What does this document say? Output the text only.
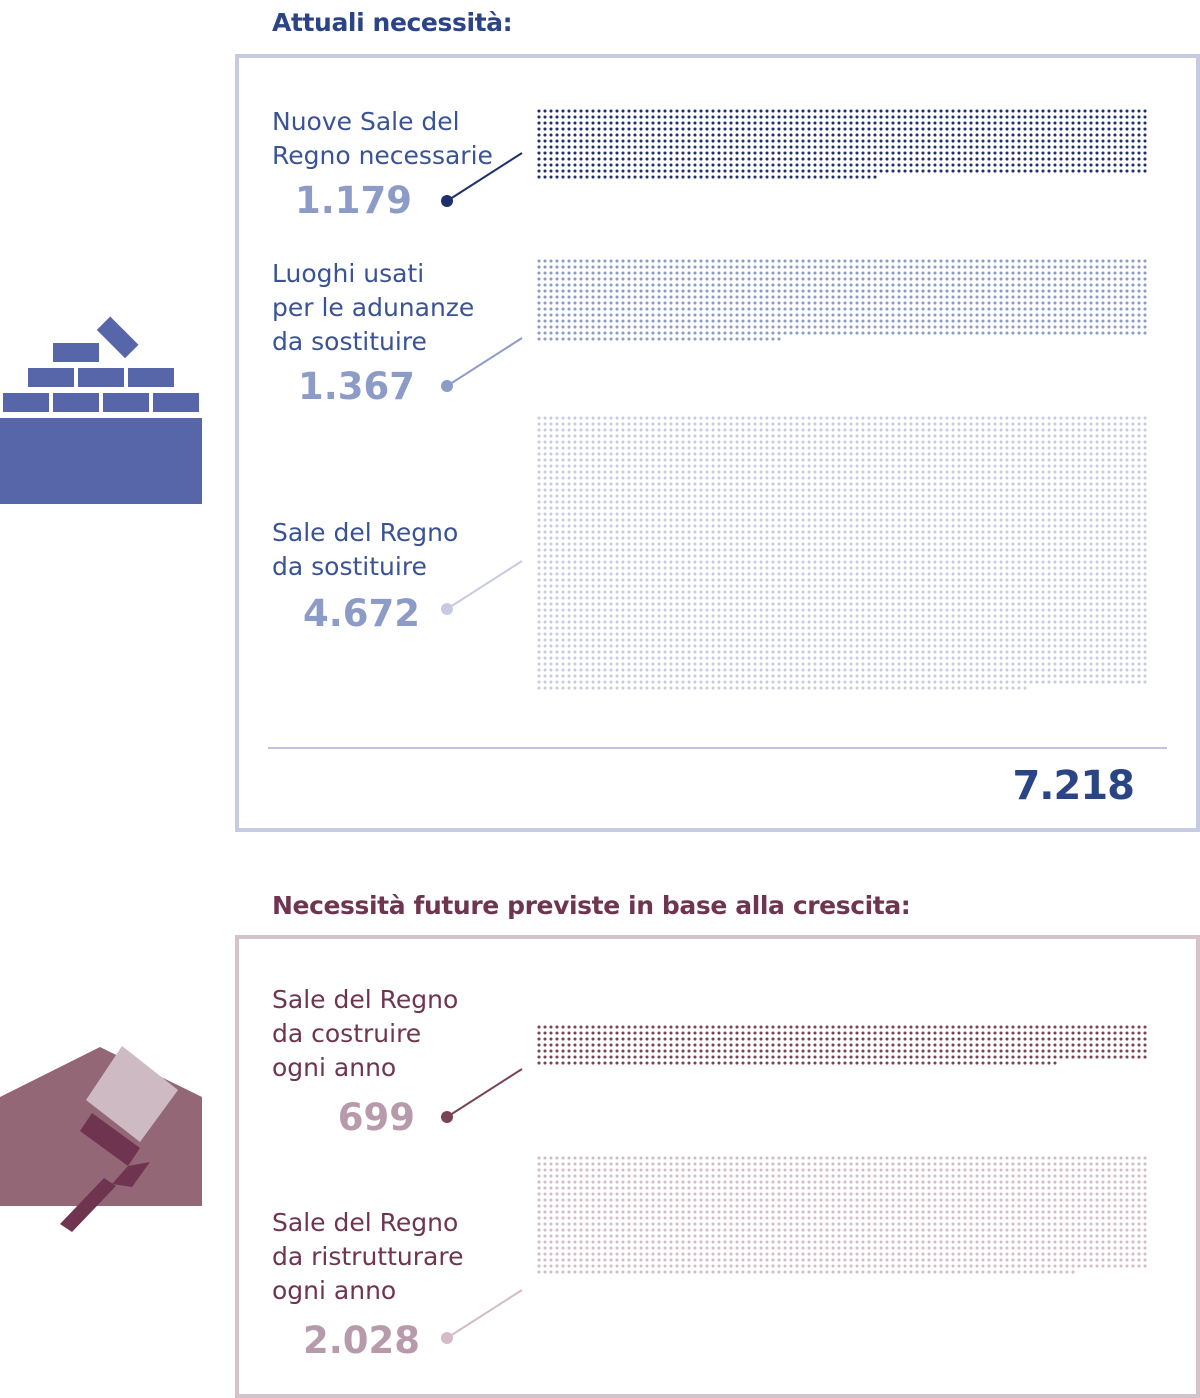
Attuali necessità:
Necessità future previste in base alla crescita:

Nuove Sale del
Regno necessarie

1.179

Luoghi usati
per le adunanze
da sostituire

1.367

Sale del Regno
da sostituire

4.672

7.218

Sale del Regno
da costruire
ogni anno

699

Sale del Regno
da ristrutturare
ogni anno

2.028
